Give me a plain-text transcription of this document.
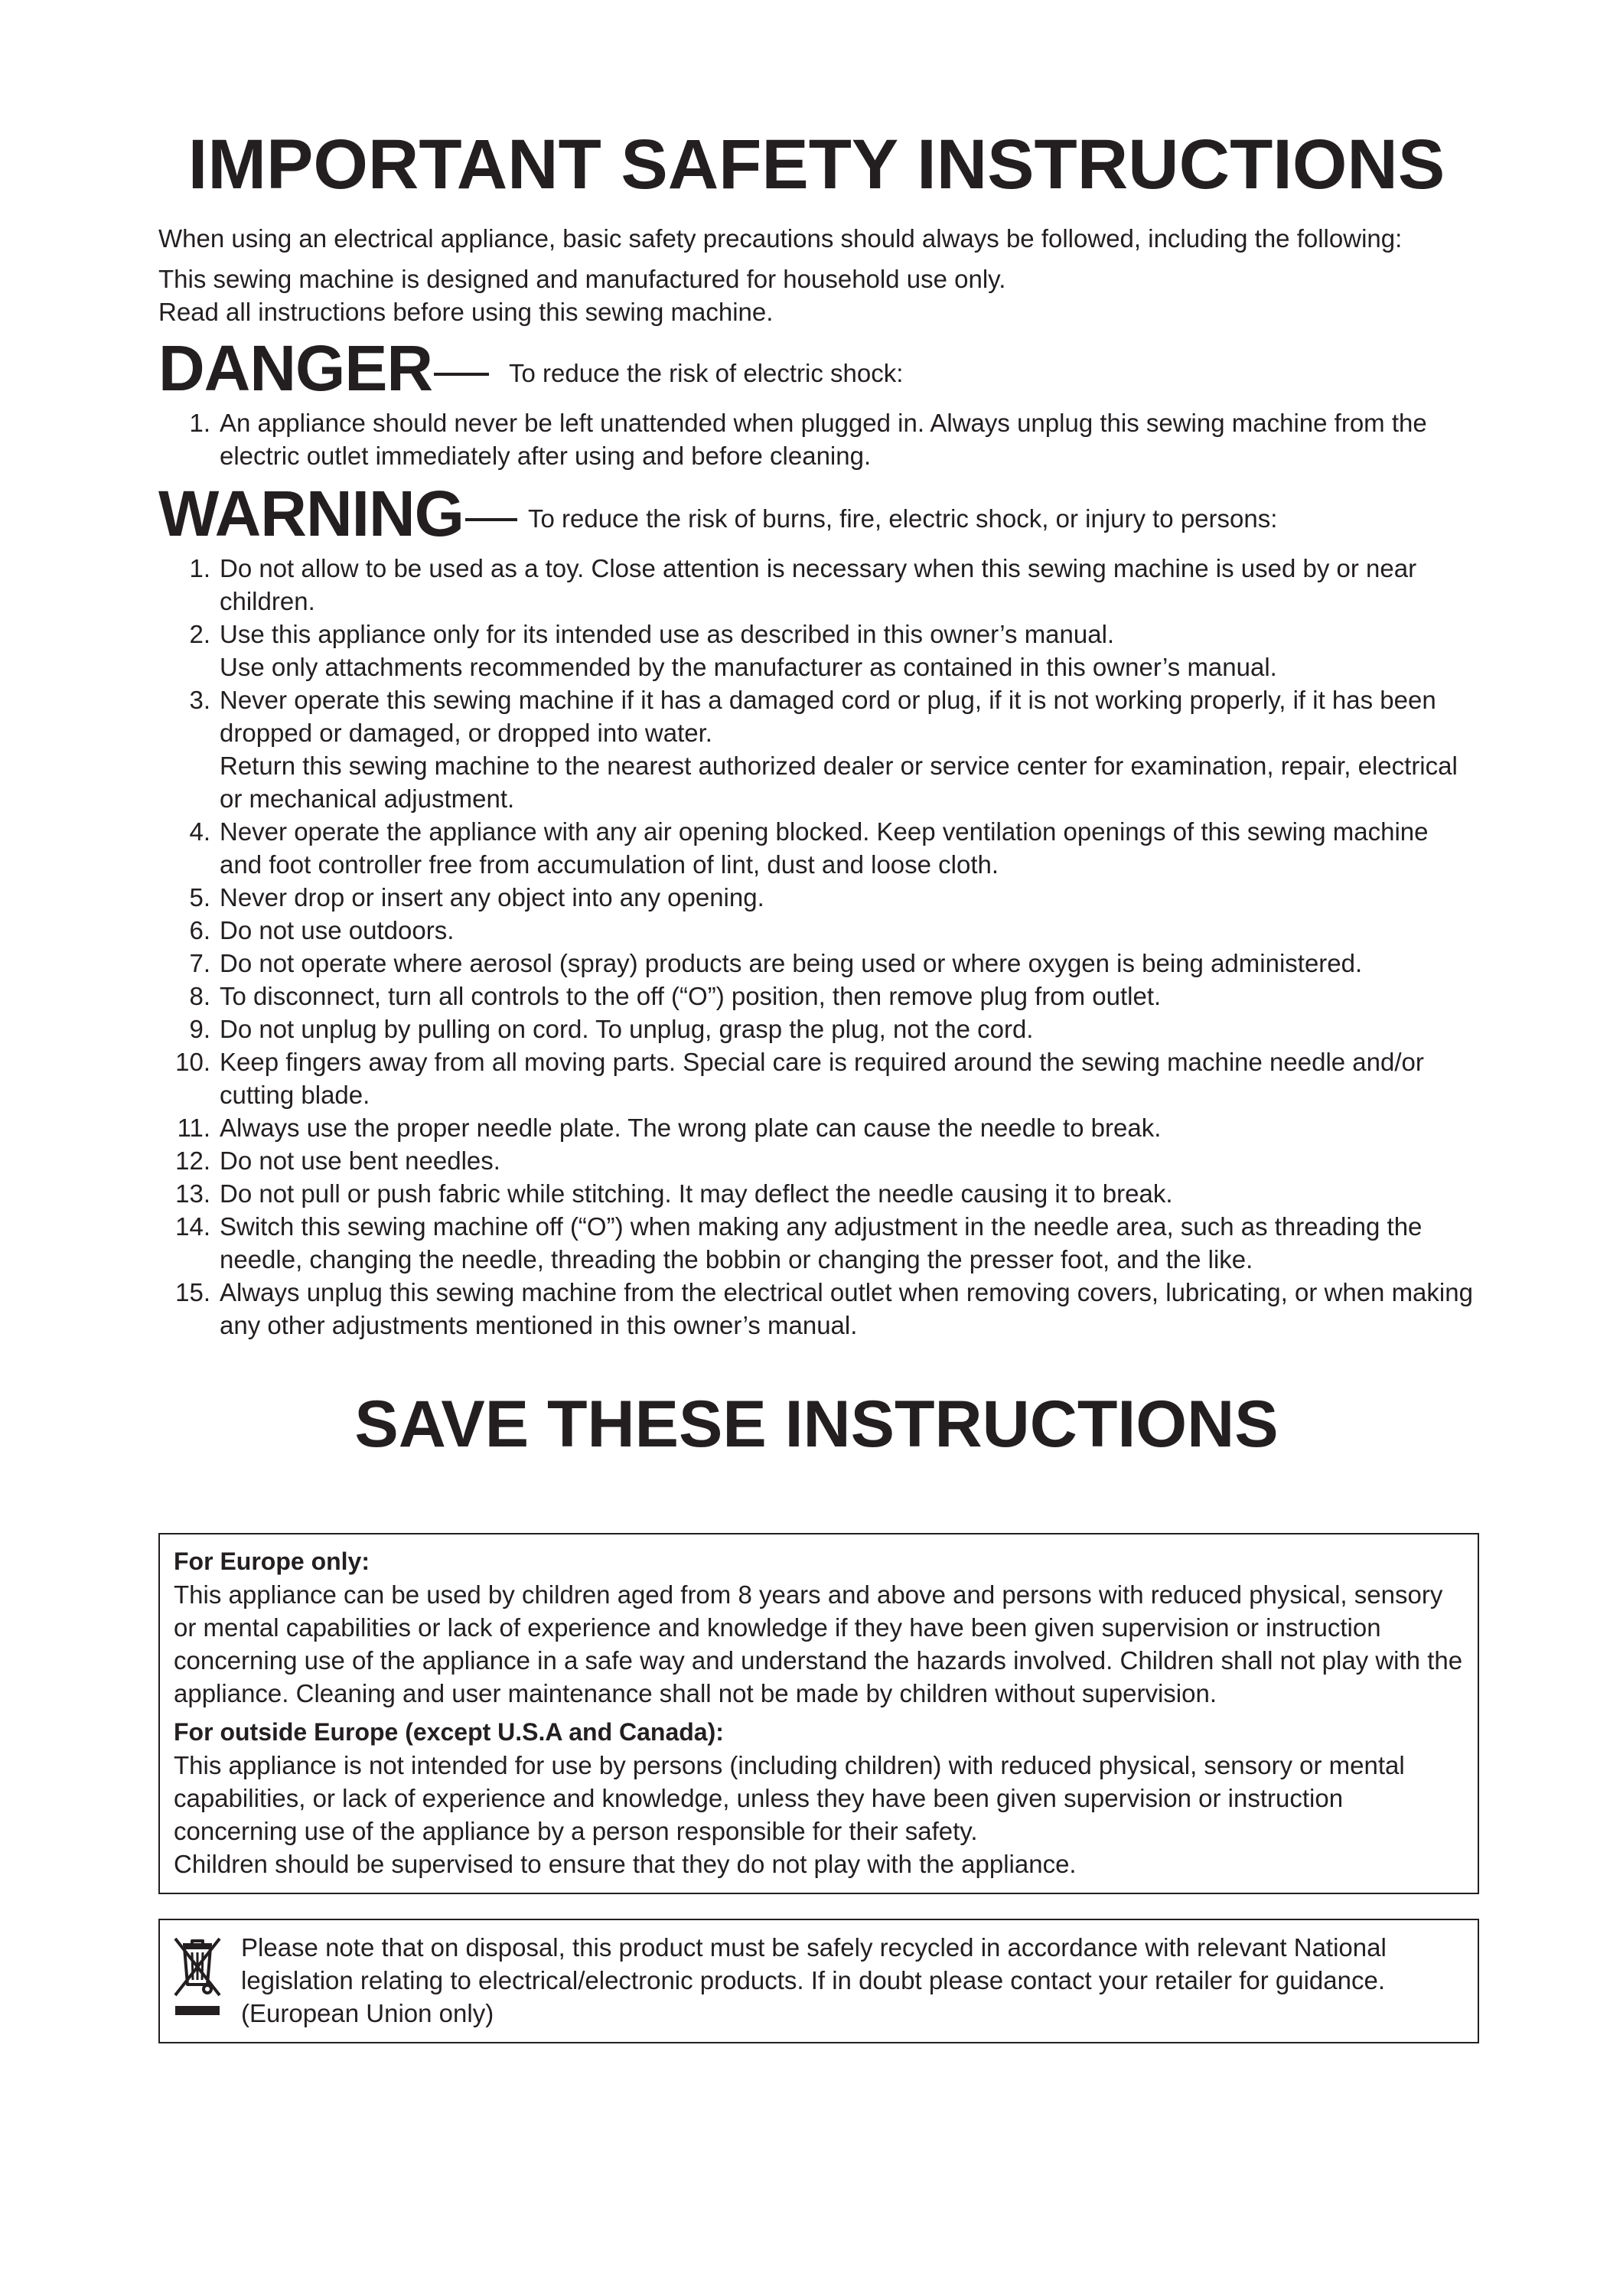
IMPORTANT SAFETY INSTRUCTIONS

When using an electrical appliance, basic safety precautions should always be followed, including the following:

This sewing machine is designed and manufactured for household use only.

Read all instructions before using this sewing machine.

DANGER	To reduce the risk of electric shock:
1. An appliance should never be left unattended when plugged in. Always unplug this sewing machine from the electric outlet immediately after using and before cleaning.
WARNING	To reduce the risk of burns, fire, electric shock, or injury to persons:
1. Do not allow to be used as a toy. Close attention is necessary when this sewing machine is used by or near children.
2. Use this appliance only for its intended use as described in this owner’s manual.
Use only attachments recommended by the manufacturer as contained in this owner’s manual.
3. Never operate this sewing machine if it has a damaged cord or plug, if it is not working properly, if it has been dropped or damaged, or dropped into water.
Return this sewing machine to the nearest authorized dealer or service center for examination, repair, electrical or mechanical adjustment.
4. Never operate the appliance with any air opening blocked. Keep ventilation openings of this sewing machine and foot controller free from accumulation of lint, dust and loose cloth.
5. Never drop or insert any object into any opening.
6. Do not use outdoors.
7. Do not operate where aerosol (spray) products are being used or where oxygen is being administered.
8. To disconnect, turn all controls to the off (“O”) position, then remove plug from outlet.
9. Do not unplug by pulling on cord. To unplug, grasp the plug, not the cord.
10. Keep fingers away from all moving parts. Special care is required around the sewing machine needle and/or cutting blade.
11. Always use the proper needle plate. The wrong plate can cause the needle to break.
12. Do not use bent needles.
13. Do not pull or push fabric while stitching. It may deflect the needle causing it to break.
14. Switch this sewing machine off (“O”) when making any adjustment in the needle area, such as threading the needle, changing the needle, threading the bobbin or changing the presser foot, and the like.
15. Always unplug this sewing machine from the electrical outlet when removing covers, lubricating, or when making any other adjustments mentioned in this owner’s manual.
SAVE THESE INSTRUCTIONS
For Europe only:
This appliance can be used by children aged from 8 years and above and persons with reduced physical, sensory or mental capabilities or lack of experience and knowledge if they have been given supervision or instruction concerning use of the appliance in a safe way and understand the hazards involved. Children shall not play with the appliance. Cleaning and user maintenance shall not be made by children without supervision.
For outside Europe (except U.S.A and Canada):
This appliance is not intended for use by persons (including children) with reduced physical, sensory or mental capabilities, or lack of experience and knowledge, unless they have been given supervision or instruction concerning use of the appliance by a person responsible for their safety.
Children should be supervised to ensure that they do not play with the appliance.
Please note that on disposal, this product must be safely recycled in accordance with relevant National legislation relating to electrical/electronic products. If in doubt please contact your retailer for guidance. (European Union only)
